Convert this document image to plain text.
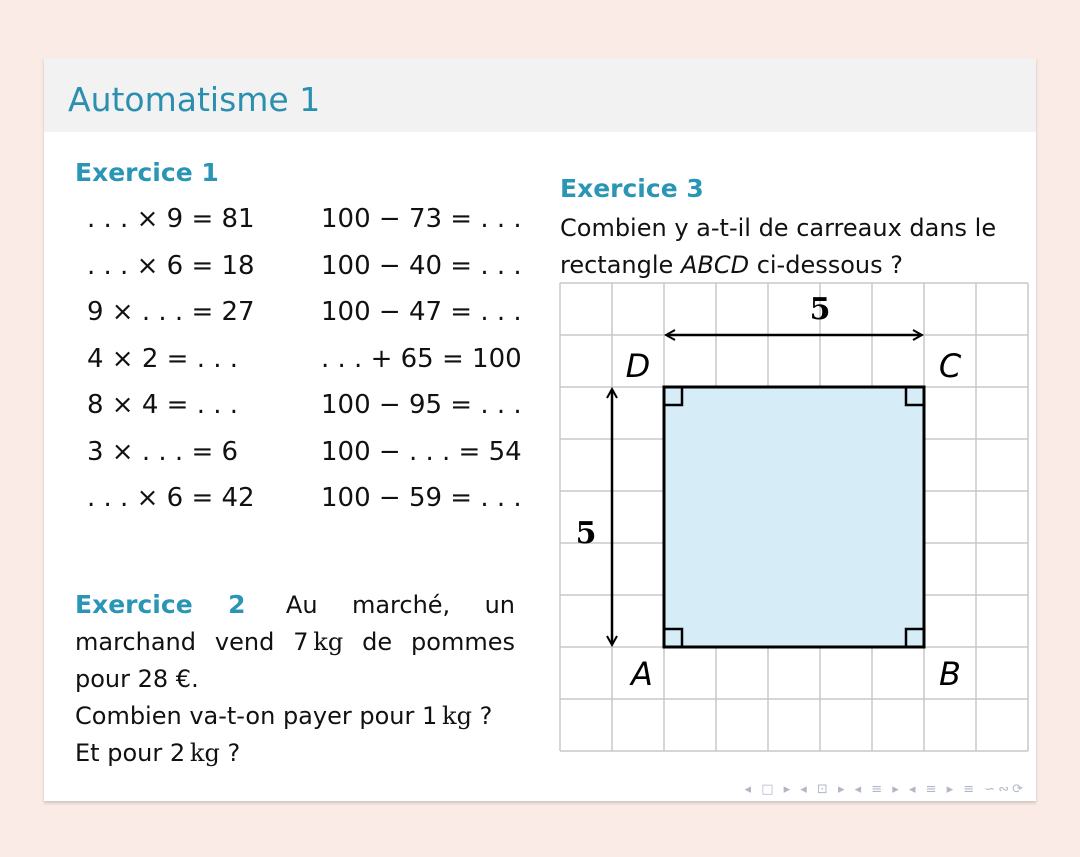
Automatisme 1
Exercice 1
. . . × 9 = 81	100 − 73 = . . .
. . . × 6 = 18	100 − 40 = . . .
9 × . . . = 27	100 − 47 = . . .
4 × 2 = . . .	. . . + 65 = 100
8 × 4 = . . .	100 − 95 = . . .
3 × . . . = 6	100 − . . . = 54
. . . × 6 = 42	100 − 59 = . . .

Exercice 2 Au marché, un marchand vend 7  kg de pommes pour 28 €.

Combien va-t-on payer pour 1  kg ?

Et pour 2  kg ?

Exercice 3

Combien y a-t-il de carreaux dans le

rectangle ABCD ci-dessous ?

5
5
A	B
C
D
◂ □ ▸ ◂ ⊡ ▸ ◂ ≡ ▸ ◂ ≡ ▸ ≡ ∽∾⟳
